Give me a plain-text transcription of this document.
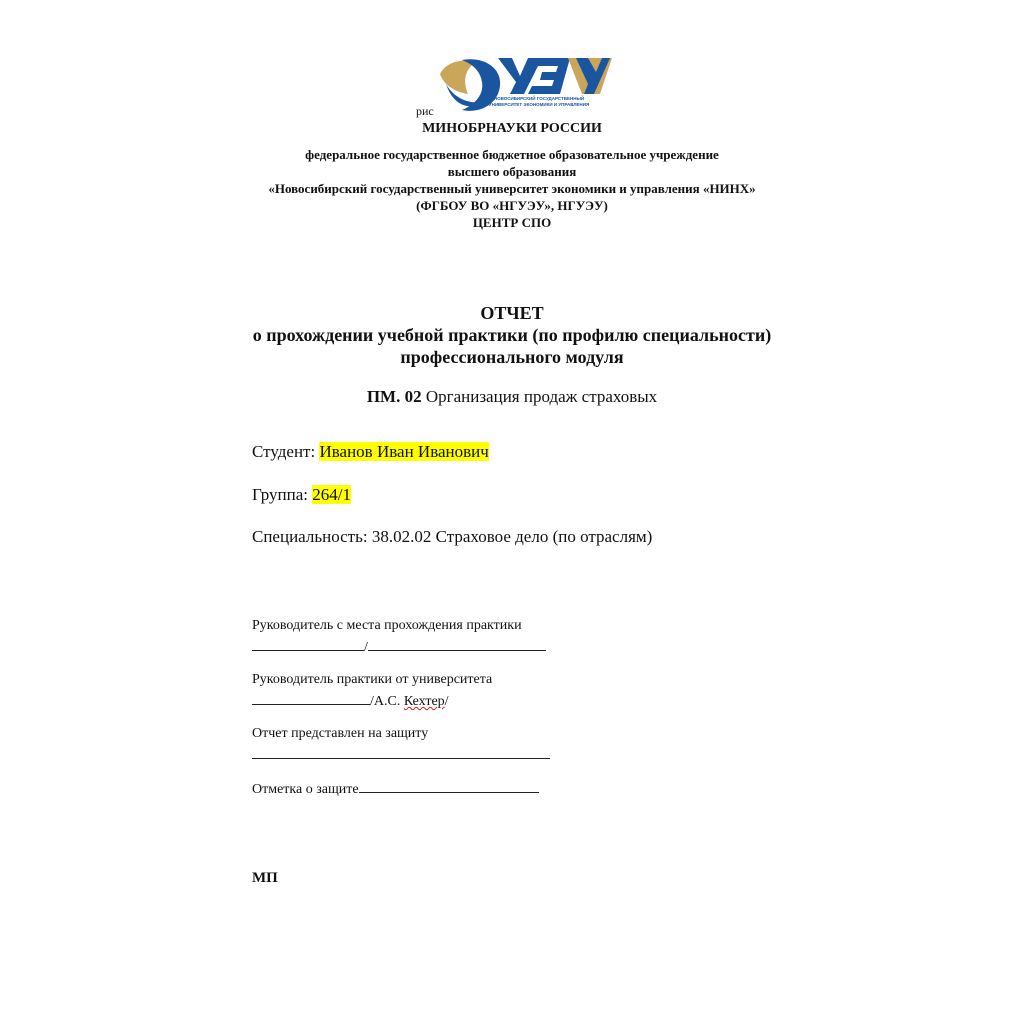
НОВОСИБИРСКИЙ ГОСУДАРСТВЕННЫЙ
УНИВЕРСИТЕТ ЭКОНОМИКИ И УПРАВЛЕНИЯ
рис
МИНОБРНАУКИ РОССИИ
федеральное государственное бюджетное образовательное учреждение
высшего образования
«Новосибирский государственный университет экономики и управления «НИНХ»
(ФГБОУ ВО «НГУЭУ», НГУЭУ)
ЦЕНТР СПО
ОТЧЕТ
о прохождении учебной практики (по профилю специальности)
профессионального модуля
ПМ. 02 Организация продаж страховых
Студент: Иванов Иван Иванович
Группа: 264/1
Специальность: 38.02.02 Страховое дело (по отраслям)
Руководитель с места прохождения практики
/
Руководитель практики от университета
/А.С. Кехтер/
Отчет представлен на защиту
Отметка о защите
МП
